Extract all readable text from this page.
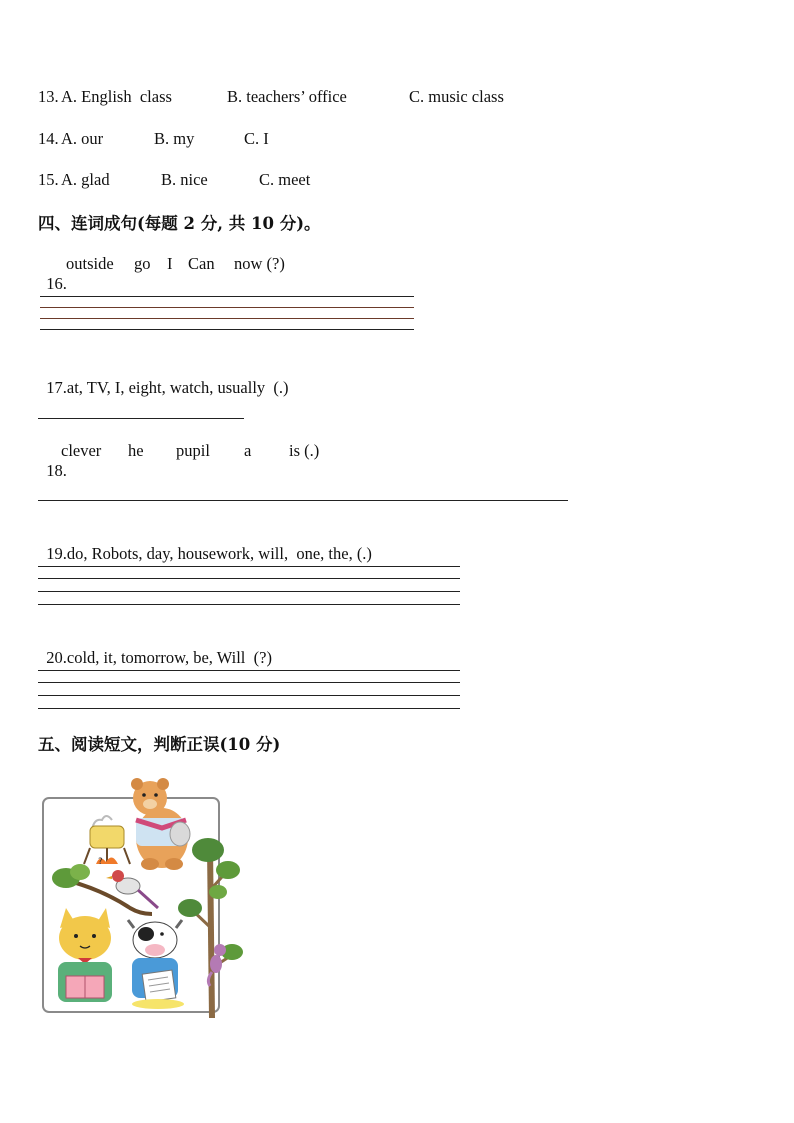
13. A. English  class	B. teachers’ office	C. music class
14. A. our	B. my	C. I
15. A. glad	B. nice	C. meet
四、连词成句(每题 2 分, 共 10 分)。

16.

outside

go

I

Can

now (?)

17.at, TV, I, eight, watch, usually  (.)

18.

clever

he

pupil

a

is (.)

19.do, Robots, day, housework, will,  one, the, (.)

20.cold, it, tomorrow, be, Will  (?)

五、阅读短文，判断正误(10 分)
?
